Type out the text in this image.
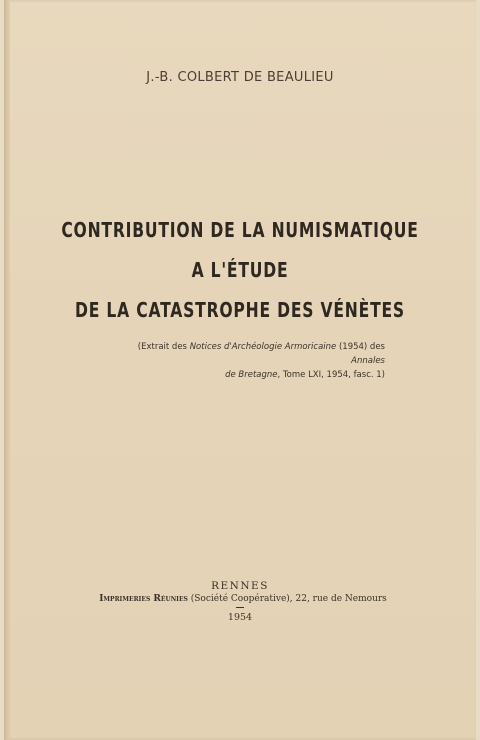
J.-B. COLBERT DE BEAULIEU
CONTRIBUTION DE LA NUMISMATIQUE
A L'ÉTUDE
DE LA CATASTROPHE DES VÉNÈTES
(Extrait des Notices d'Archéologie Armoricaine (1954) des Annales
de Bretagne, Tome LXI, 1954, fasc. 1)
RENNES
Imprimeries Réunies (Société Coopérative), 22, rue de Nemours
1954
